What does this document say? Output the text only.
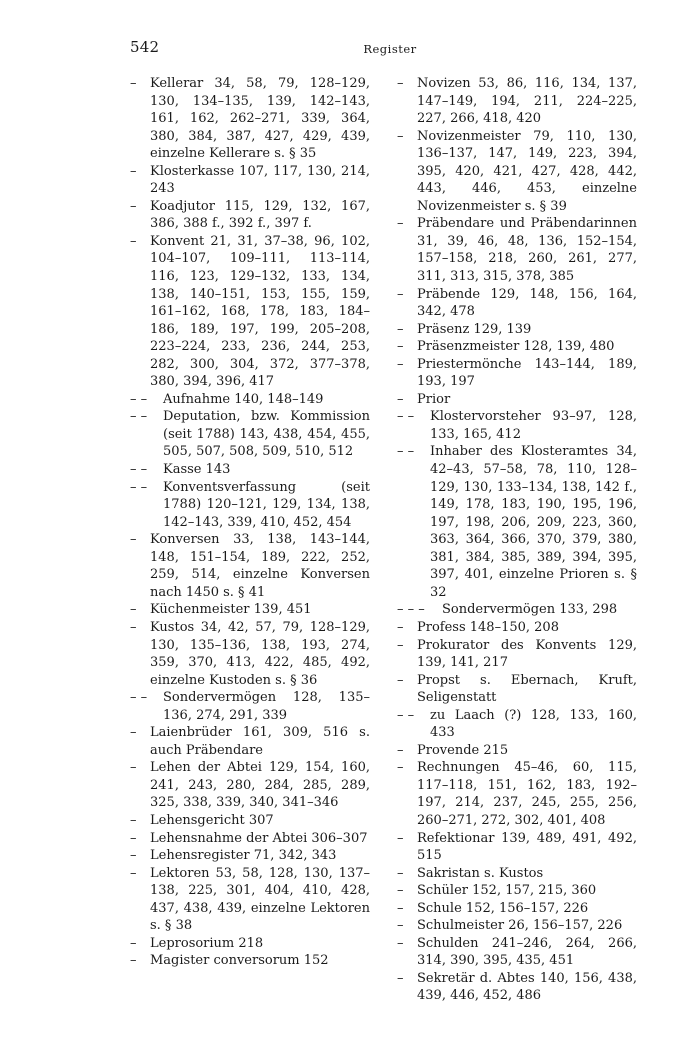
542	Register
– Kellerar 34, 58, 79, 128–129, 130, 134–135, 139, 142–143, 161, 162, 262–271, 339, 364, 380, 384, 387, 427, 429, 439, einzelne Kellerare s. § 35
– Klosterkasse 107, 117, 130, 214, 243
– Koadjutor 115, 129, 132, 167, 386, 388 f., 392 f., 397 f.
– Konvent 21, 31, 37–38, 96, 102, 104–107, 109–111, 113–114, 116, 123, 129–132, 133, 134, 138, 140–151, 153, 155, 159, 161–162, 168, 178, 183, 184–186, 189, 197, 199, 205–208, 223–224, 233, 236, 244, 253, 282, 300, 304, 372, 377–378, 380, 394, 396, 417
– – Aufnahme 140, 148–149
– – Deputation, bzw. Kommission (seit 1788) 143, 438, 454, 455, 505, 507, 508, 509, 510, 512
– – Kasse 143
– – Konventsverfassung (seit 1788) 120–121, 129, 134, 138, 142–143, 339, 410, 452, 454
– Konversen 33, 138, 143–144, 148, 151–154, 189, 222, 252, 259, 514, einzelne Konversen nach 1450 s. § 41
– Küchenmeister 139, 451
– Kustos 34, 42, 57, 79, 128–129, 130, 135–136, 138, 193, 274, 359, 370, 413, 422, 485, 492, einzelne Kustoden s. § 36
– – Sondervermögen 128, 135–136, 274, 291, 339
– Laienbrüder 161, 309, 516 s. auch Präbendare
– Lehen der Abtei 129, 154, 160, 241, 243, 280, 284, 285, 289, 325, 338, 339, 340, 341–346
– Lehensgericht 307
– Lehensnahme der Abtei 306–307
– Lehensregister 71, 342, 343
– Lektoren 53, 58, 128, 130, 137–138, 225, 301, 404, 410, 428, 437, 438, 439, einzelne Lektoren s. § 38
– Leprosorium 218
– Magister conversorum 152
– Novizen 53, 86, 116, 134, 137, 147–149, 194, 211, 224–225, 227, 266, 418, 420
– Novizenmeister 79, 110, 130, 136–137, 147, 149, 223, 394, 395, 420, 421, 427, 428, 442, 443, 446, 453, einzelne Novizenmeister s. § 39
– Präbendare und Präbendarinnen 31, 39, 46, 48, 136, 152–154, 157–158, 218, 260, 261, 277, 311, 313, 315, 378, 385
– Präbende 129, 148, 156, 164, 342, 478
– Präsenz 129, 139
– Präsenzmeister 128, 139, 480
– Priestermönche 143–144, 189, 193, 197
– Prior
– – Klostervorsteher 93–97, 128, 133, 165, 412
– – Inhaber des Klosteramtes 34, 42–43, 57–58, 78, 110, 128–129, 130, 133–134, 138, 142 f., 149, 178, 183, 190, 195, 196, 197, 198, 206, 209, 223, 360, 363, 364, 366, 370, 379, 380, 381, 384, 385, 389, 394, 395, 397, 401, einzelne Prioren s. § 32
– – – Sondervermögen 133, 298
– Profess 148–150, 208
– Prokurator des Konvents 129, 139, 141, 217
– Propst s. Ebernach, Kruft, Seligenstatt
– – zu Laach (?) 128, 133, 160, 433
– Provende 215
– Rechnungen 45–46, 60, 115, 117–118, 151, 162, 183, 192–197, 214, 237, 245, 255, 256, 260–271, 272, 302, 401, 408
– Refektionar 139, 489, 491, 492, 515
– Sakristan s. Kustos
– Schüler 152, 157, 215, 360
– Schule 152, 156–157, 226
– Schulmeister 26, 156–157, 226
– Schulden 241–246, 264, 266, 314, 390, 395, 435, 451
– Sekretär d. Abtes 140, 156, 438, 439, 446, 452, 486
